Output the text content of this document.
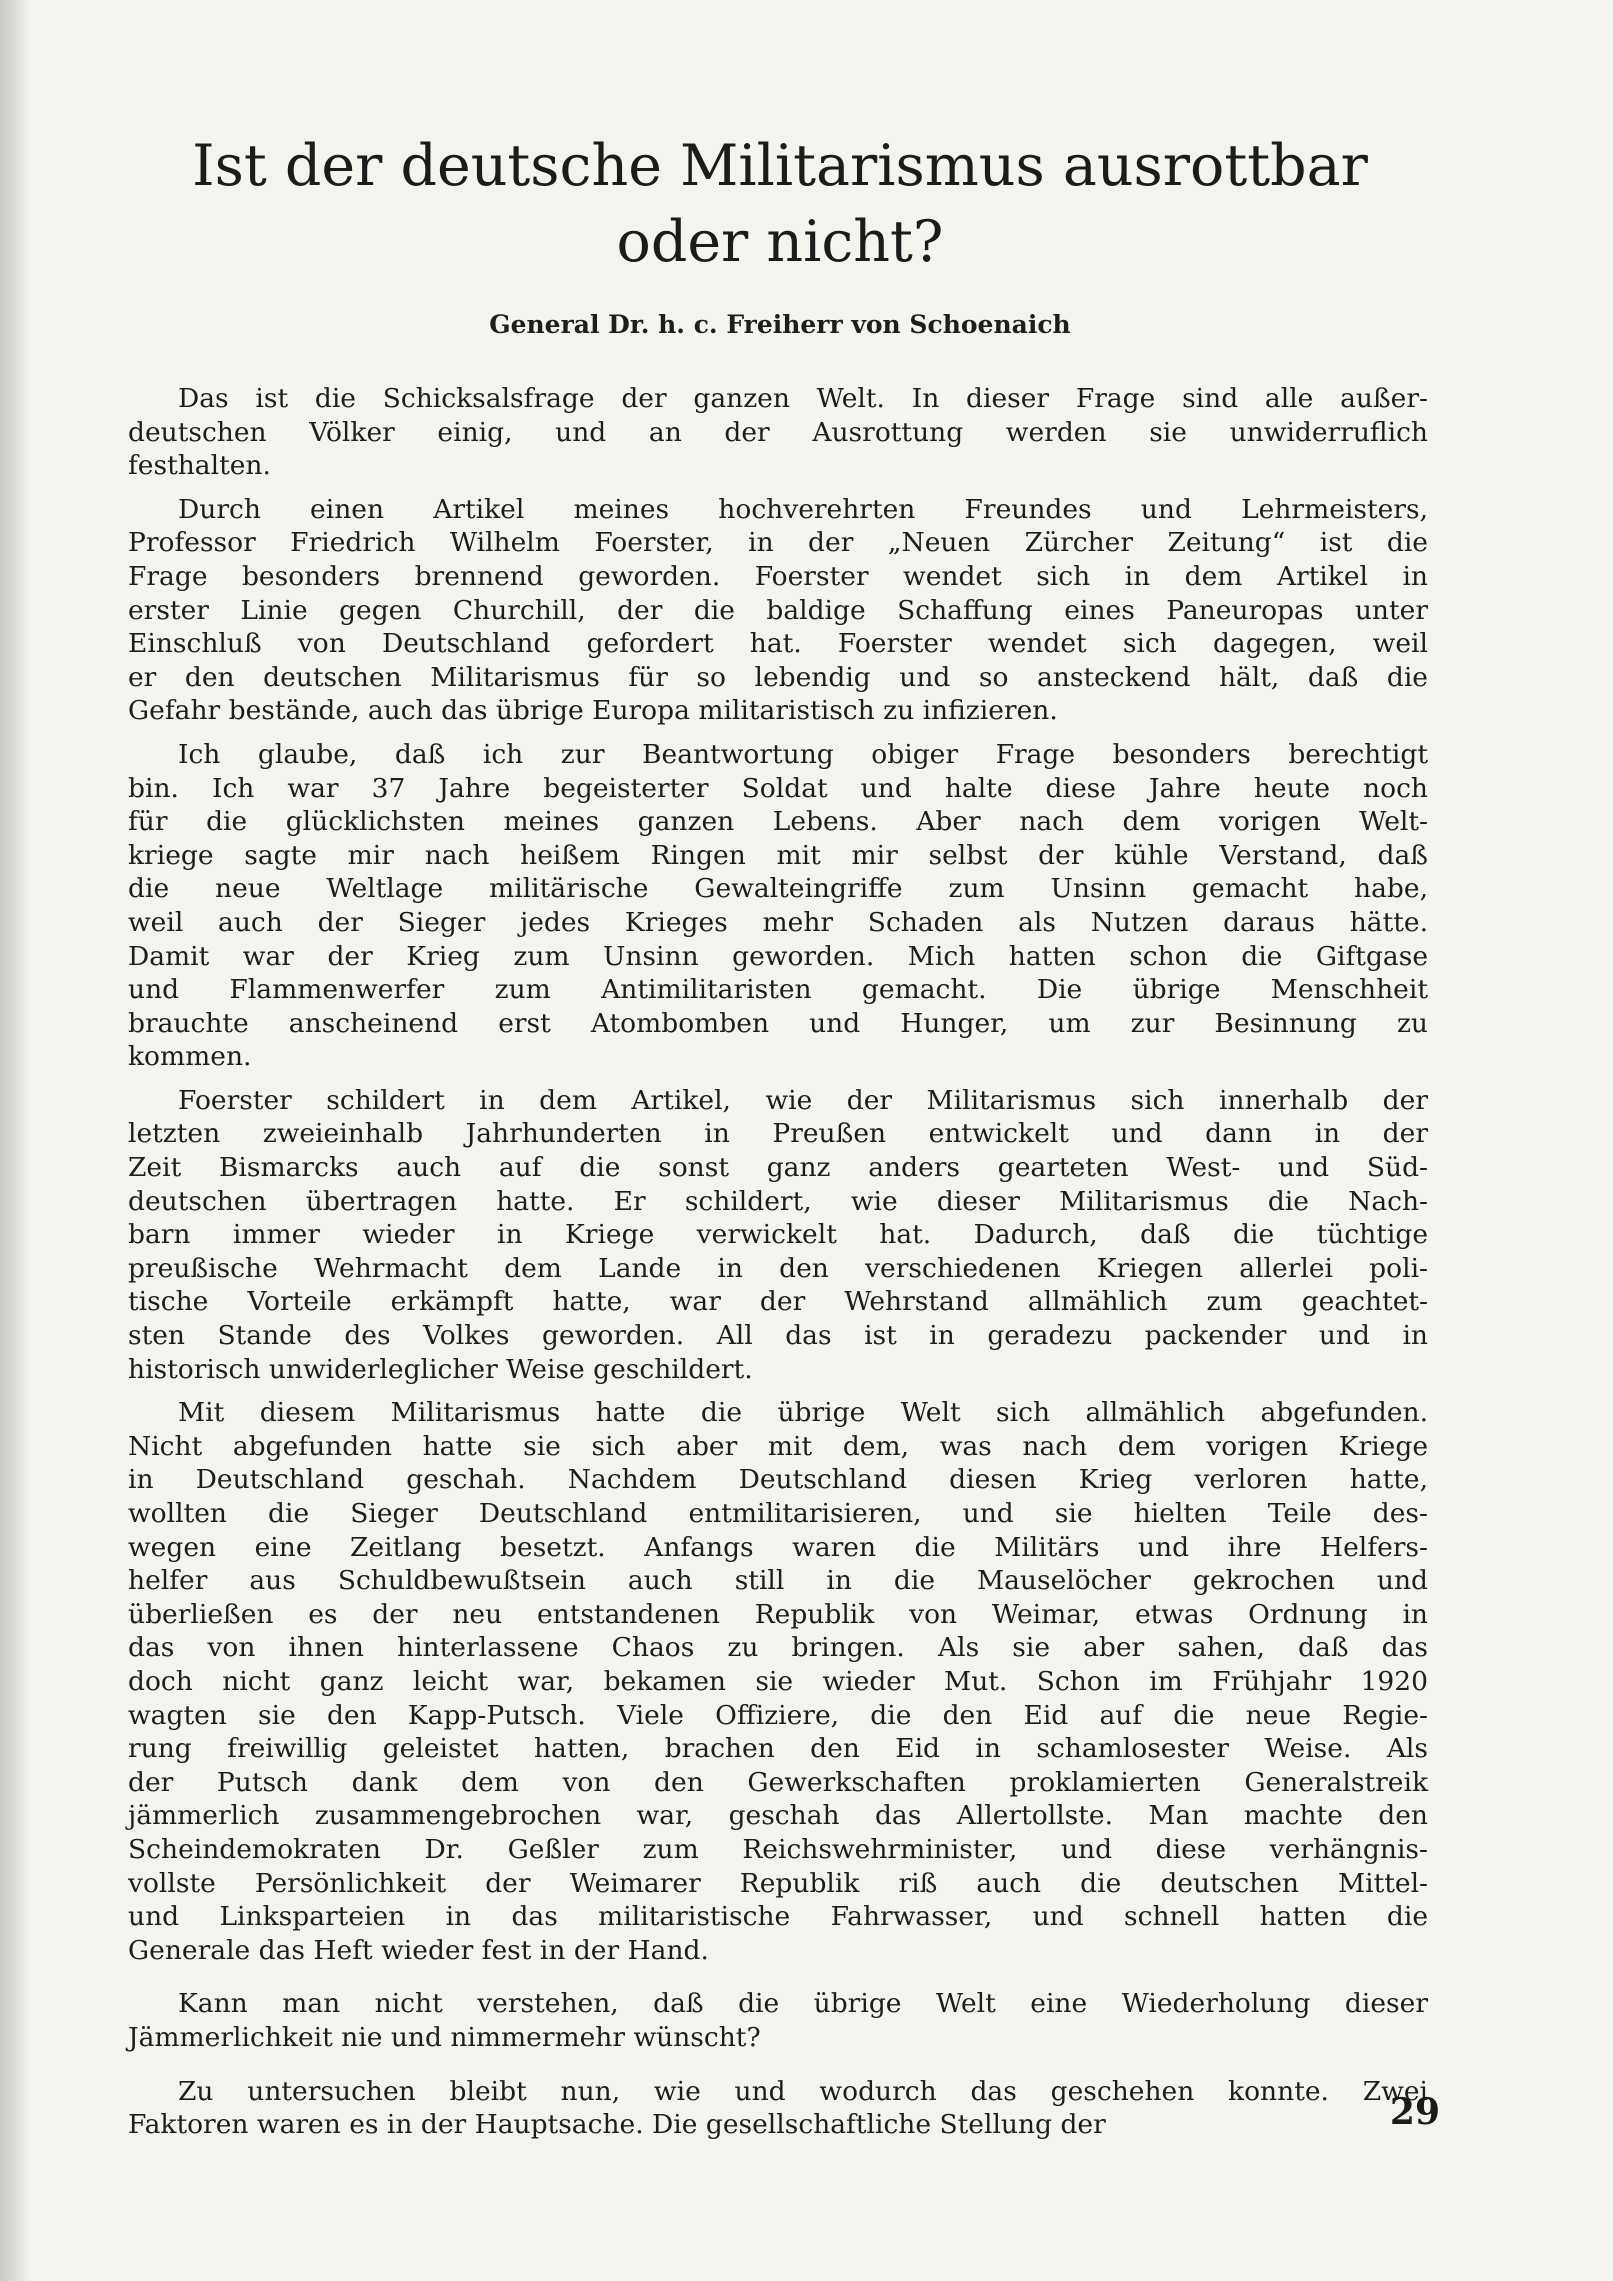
Ist der deutsche Militarismus ausrottbar
oder nicht?

General Dr. h. c. Freiherr von Schoenaich

Das ist die Schicksalsfrage der ganzen Welt. In dieser Frage sind alle außer-
deutschen Völker einig, und an der Ausrottung werden sie unwiderruflich
festhalten.
Durch einen Artikel meines hochverehrten Freundes und Lehrmeisters,
Professor Friedrich Wilhelm Foerster, in der „Neuen Zürcher Zeitung“ ist die
Frage besonders brennend geworden. Foerster wendet sich in dem Artikel in
erster Linie gegen Churchill, der die baldige Schaffung eines Paneuropas unter
Einschluß von Deutschland gefordert hat. Foerster wendet sich dagegen, weil
er den deutschen Militarismus für so lebendig und so ansteckend hält, daß die
Gefahr bestände, auch das übrige Europa militaristisch zu infizieren.
Ich glaube, daß ich zur Beantwortung obiger Frage besonders berechtigt
bin. Ich war 37 Jahre begeisterter Soldat und halte diese Jahre heute noch
für die glücklichsten meines ganzen Lebens. Aber nach dem vorigen Welt-
kriege sagte mir nach heißem Ringen mit mir selbst der kühle Verstand, daß
die neue Weltlage militärische Gewalteingriffe zum Unsinn gemacht habe,
weil auch der Sieger jedes Krieges mehr Schaden als Nutzen daraus hätte.
Damit war der Krieg zum Unsinn geworden. Mich hatten schon die Giftgase
und Flammenwerfer zum Antimilitaristen gemacht. Die übrige Menschheit
brauchte anscheinend erst Atombomben und Hunger, um zur Besinnung zu
kommen.
Foerster schildert in dem Artikel, wie der Militarismus sich innerhalb der
letzten zweieinhalb Jahrhunderten in Preußen entwickelt und dann in der
Zeit Bismarcks auch auf die sonst ganz anders gearteten West- und Süd-
deutschen übertragen hatte. Er schildert, wie dieser Militarismus die Nach-
barn immer wieder in Kriege verwickelt hat. Dadurch, daß die tüchtige
preußische Wehrmacht dem Lande in den verschiedenen Kriegen allerlei poli-
tische Vorteile erkämpft hatte, war der Wehrstand allmählich zum geachtet-
sten Stande des Volkes geworden. All das ist in geradezu packender und in
historisch unwiderleglicher Weise geschildert.
Mit diesem Militarismus hatte die übrige Welt sich allmählich abgefunden.
Nicht abgefunden hatte sie sich aber mit dem, was nach dem vorigen Kriege
in Deutschland geschah. Nachdem Deutschland diesen Krieg verloren hatte,
wollten die Sieger Deutschland entmilitarisieren, und sie hielten Teile des-
wegen eine Zeitlang besetzt. Anfangs waren die Militärs und ihre Helfers-
helfer aus Schuldbewußtsein auch still in die Mauselöcher gekrochen und
überließen es der neu entstandenen Republik von Weimar, etwas Ordnung in
das von ihnen hinterlassene Chaos zu bringen. Als sie aber sahen, daß das
doch nicht ganz leicht war, bekamen sie wieder Mut. Schon im Frühjahr 1920
wagten sie den Kapp-Putsch. Viele Offiziere, die den Eid auf die neue Regie-
rung freiwillig geleistet hatten, brachen den Eid in schamlosester Weise. Als
der Putsch dank dem von den Gewerkschaften proklamierten Generalstreik
jämmerlich zusammengebrochen war, geschah das Allertollste. Man machte den
Scheindemokraten Dr. Geßler zum Reichswehrminister, und diese verhängnis-
vollste Persönlichkeit der Weimarer Republik riß auch die deutschen Mittel-
und Linksparteien in das militaristische Fahrwasser, und schnell hatten die
Generale das Heft wieder fest in der Hand.
Kann man nicht verstehen, daß die übrige Welt eine Wiederholung dieser
Jämmerlichkeit nie und nimmermehr wünscht?
Zu untersuchen bleibt nun, wie und wodurch das geschehen konnte. Zwei
Faktoren waren es in der Hauptsache. Die gesellschaftliche Stellung der	29
